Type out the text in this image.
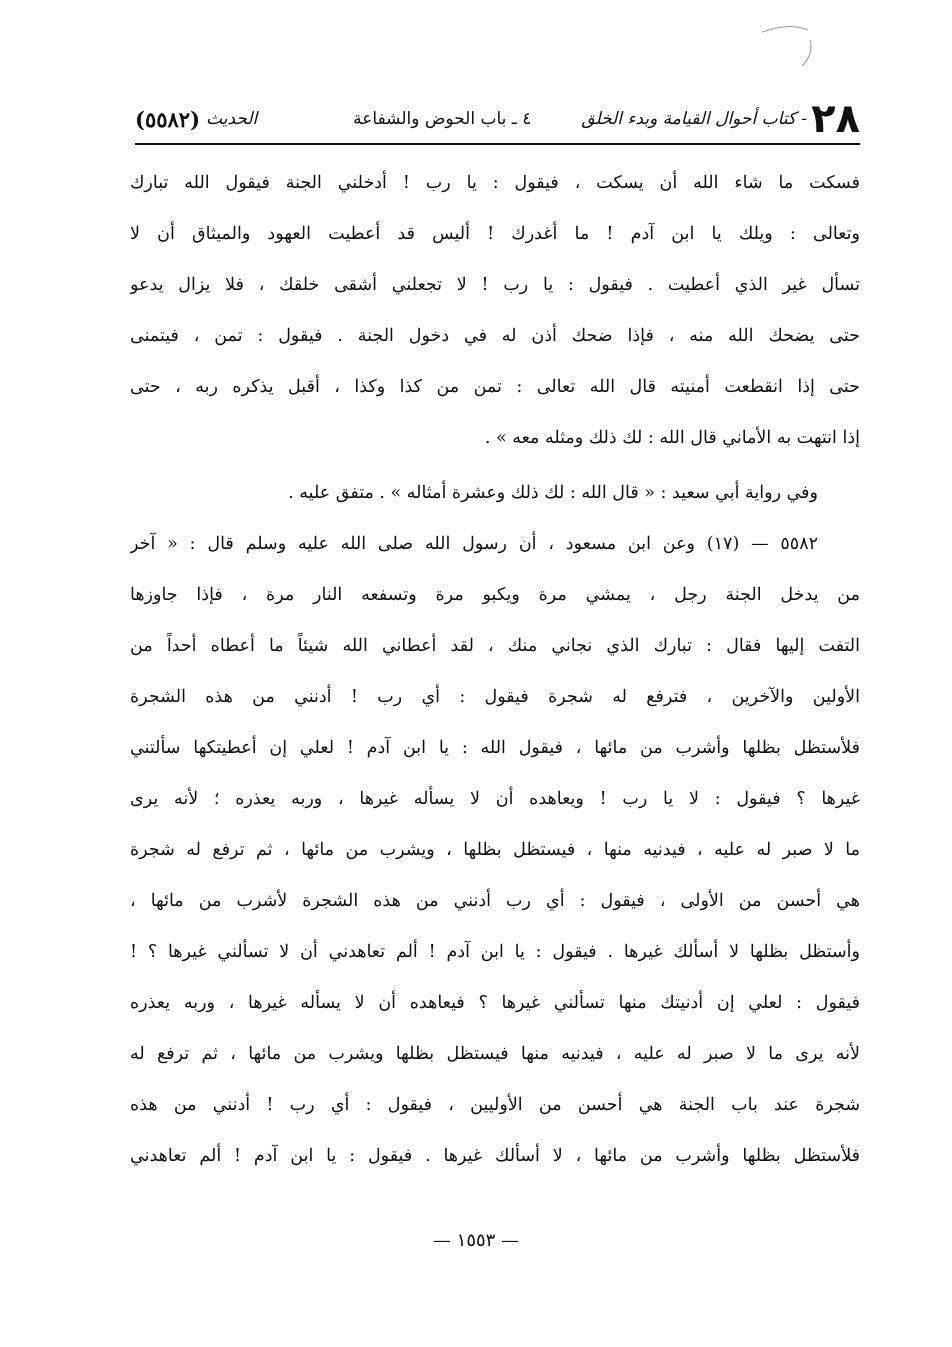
٢٨
- كتاب أحوال القيامة وبدء الخلق
٤ ـ باب الحوض والشفاعة
الحديث
(٥٥٨٢)
فسكت ما شاء الله أن يسكت ، فيقول : يا رب ! أدخلني الجنة فيقول الله تبارك
وتعالى : ويلك يا ابن آدم ! ما أغدرك ! أليس قد أعطيت العهود والميثاق أن لا
تسأل غير الذي أعطيت . فيقول : يا رب ! لا تجعلني أشقى خلقك ، فلا يزال يدعو
حتى يضحك الله منه ، فإذا ضحك أذن له في دخول الجنة . فيقول : تمن ، فيتمنى
حتى إذا انقطعت أمنيته قال الله تعالى : تمن من كذا وكذا ، أقبل يذكره ربه ، حتى
إذا انتهت به الأماني قال الله : لك ذلك ومثله معه » .
وفي رواية أبي سعيد : « قال الله : لك ذلك وعشرة أمثاله » . متفق عليه .
٥٥٨٢ — (١٧) وعن ابن مسعود ، أن رسول الله صلى الله عليه وسلم قال : « آخر
من يدخل الجنة رجل ، يمشي مرة ويكبو مرة وتسفعه النار مرة ، فإذا جاوزها
التفت إليها فقال : تبارك الذي نجاني منك ، لقد أعطاني الله شيئاً ما أعطاه أحداً من
الأولين والآخرين ، فترفع له شجرة فيقول : أي رب ! أدنني من هذه الشجرة
فلأستظل بظلها وأشرب من مائها ، فيقول الله : يا ابن آدم ! لعلي إن أعطيتكها سألتني
غيرها ؟ فيقول : لا يا رب ! ويعاهده أن لا يسأله غيرها ، وربه يعذره ؛ لأنه يرى
ما لا صبر له عليه ، فيدنيه منها ، فيستظل بظلها ، ويشرب من مائها ، ثم ترفع له شجرة
هي أحسن من الأولى ، فيقول : أي رب أدنني من هذه الشجرة لأشرب من مائها ،
وأستظل بظلها لا أسألك غيرها . فيقول : يا ابن آدم ! ألم تعاهدني أن لا تسألني غيرها ؟ !
فيقول : لعلي إن أدنيتك منها تسألني غيرها ؟ فيعاهده أن لا يسأله غيرها ، وربه يعذره
لأنه يرى ما لا صبر له عليه ، فيدنيه منها فيستظل بظلها ويشرب من مائها ، ثم ترفع له
شجرة عند باب الجنة هي أحسن من الأوليين ، فيقول : أي رب ! أدنني من هذه
فلأستظل بظلها وأشرب من مائها ، لا أسألك غيرها . فيقول : يا ابن آدم ! ألم تعاهدني
— ١٥٥٣ —
